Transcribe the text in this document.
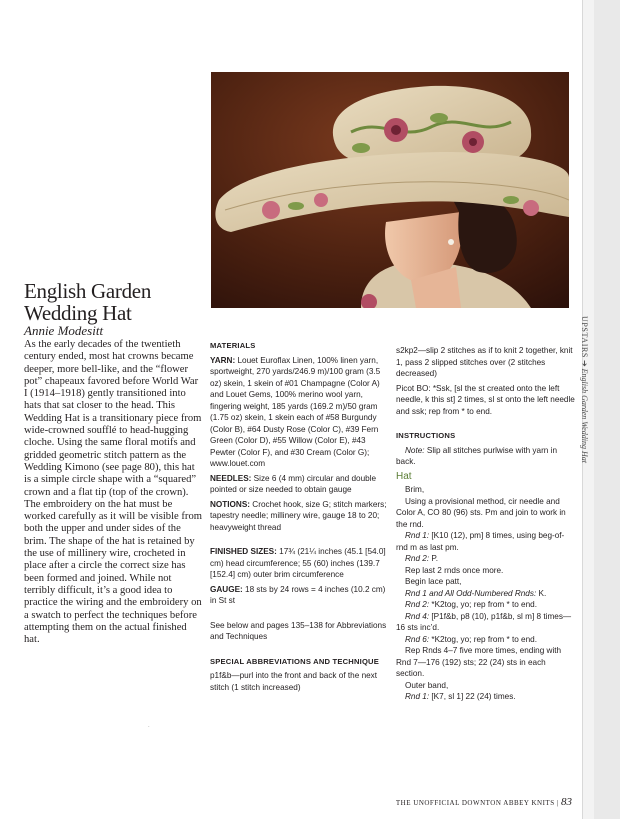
English Garden
Wedding Hat
Annie Modesitt
As the early decades of the twentieth century ended, most hat crowns became deeper, more bell-like, and the “flower pot” chapeaux favored before World War I (1914–1918) gently transitioned into hats that sat closer to the head. This Wedding Hat is a transitionary piece from wide-crowned soufflé to head-hugging cloche. Using the same floral motifs and gridded geometric stitch pattern as the Wedding Kimono (see page 80), this hat is a simple circle shape with a “squared” crown and a flat tip (top of the crown). The embroidery on the hat must be worked carefully as it will be visible from both the upper and under sides of the brim. The shape of the hat is retained by the use of millinery wire, crocheted in place after a circle the correct size has been formed and joined. While not terribly difficult, it’s a good idea to practice the wiring and the embroidery on a swatch to perfect the techniques before attempting them on the actual finished hat.
.
MATERIALS
YARN: Louet Euroflax Linen, 100% linen yarn, sportweight, 270 yards/246.9 m)/100 gram (3.5 oz) skein, 1 skein of #01 Champagne (Color A) and Louet Gems, 100% merino wool yarn, fingering weight, 185 yards (169.2 m)/50 gram (1.75 oz) skein, 1 skein each of #58 Burgundy (Color B), #64 Dusty Rose (Color C), #39 Fern Green (Color D), #55 Willow (Color E), #43 Pewter (Color F), and #30 Cream (Color G); www.louet.com
NEEDLES: Size 6 (4 mm) circular and double pointed or size needed to obtain gauge
NOTIONS: Crochet hook, size G; stitch markers; tapestry needle; millinery wire, gauge 18 to 20; heavyweight thread
FINISHED SIZES: 17¾ (21¼ inches (45.1 [54.0] cm) head circumference; 55 (60) inches (139.7 [152.4] cm) outer brim circumference
GAUGE: 18 sts by 24 rows = 4 inches (10.2 cm) in St st
See below and pages 135–138 for Abbreviations and Techniques
SPECIAL ABBREVIATIONS AND TECHNIQUE
p1f&b—purl into the front and back of the next stitch (1 stitch increased)
s2kp2—slip 2 stitches as if to knit 2 together, knit 1, pass 2 slipped stitches over (2 stitches decreased)
Picot BO: *Ssk, [sl the st created onto the left needle, k this st] 2 times, sl st onto the left needle and ssk; rep from * to end.
INSTRUCTIONS
Note: Slip all stitches purlwise with yarn in back.
Hat
Brim,
Using a provisional method, cir needle and Color A, CO 80 (96) sts. Pm and join to work in the rnd.
Rnd 1: [K10 (12), pm] 8 times, using beg-of-rnd m as last pm.
Rnd 2: P.
Rep last 2 rnds once more.
Begin lace patt,
Rnd 1 and All Odd-Numbered Rnds: K.
Rnd 2: *K2tog, yo; rep from * to end.
Rnd 4: [P1f&b, p8 (10), p1f&b, sl m] 8 times—16 sts inc’d.
Rnd 6: *K2tog, yo; rep from * to end.
Rep Rnds 4–7 five more times, ending with Rnd 7—176 (192) sts; 22 (24) sts in each section.
Outer band,
Rnd 1: [K7, sl 1] 22 (24) times.
THE UNOFFICIAL DOWNTON ABBEY KNITS | 83
UPSTAIRS ➔ English Garden Wedding Hat
